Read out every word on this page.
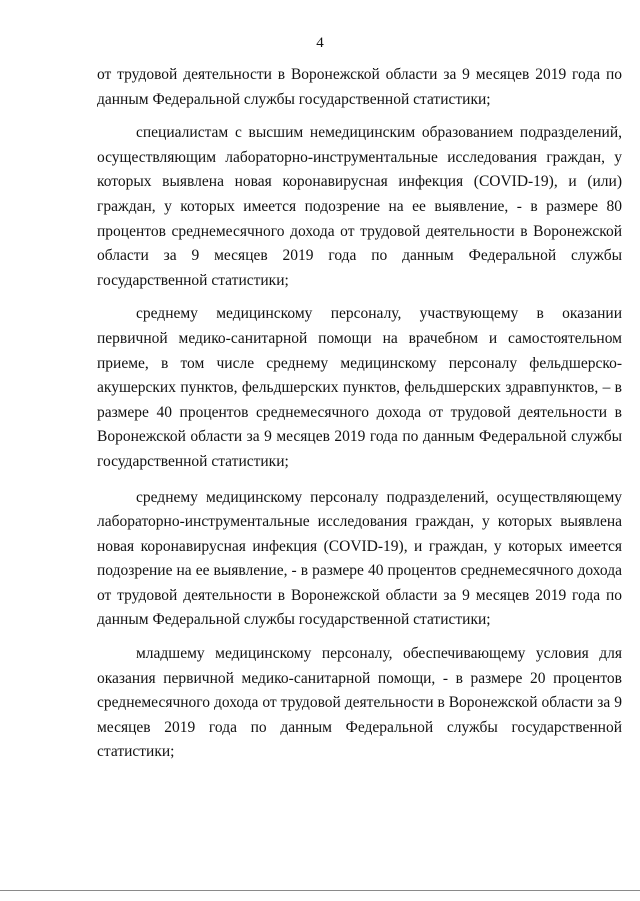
4

от трудовой деятельности в Воронежской области за 9 месяцев 2019 года по данным Федеральной службы государственной статистики;

специалистам с высшим немедицинским образованием подразделений, осуществляющим лабораторно-инструментальные исследования граждан, у которых выявлена новая коронавирусная инфекция (COVID-19), и (или) граждан, у которых имеется подозрение на ее выявление, - в размере 80 процентов среднемесячного дохода от трудовой деятельности в Воронежской области за 9 месяцев 2019 года по данным Федеральной службы государственной статистики;

среднему медицинскому персоналу, участвующему в оказании первичной медико-санитарной помощи на врачебном и самостоятельном приеме, в том числе среднему медицинскому персоналу фельдшерско-акушерских пунктов, фельдшерских пунктов, фельдшерских здравпунктов, – в размере 40 процентов среднемесячного дохода от трудовой деятельности в Воронежской области за 9 месяцев 2019 года по данным Федеральной службы государственной статистики;

среднему медицинскому персоналу подразделений, осуществляющему лабораторно-инструментальные исследования граждан, у которых выявлена новая коронавирусная инфекция (COVID-19), и граждан, у которых имеется подозрение на ее выявление, - в размере 40 процентов среднемесячного дохода от трудовой деятельности в Воронежской области за 9 месяцев 2019 года по данным Федеральной службы государственной статистики;

младшему медицинскому персоналу, обеспечивающему условия для оказания первичной медико-санитарной помощи, - в размере 20 процентов среднемесячного дохода от трудовой деятельности в Воронежской области за 9 месяцев 2019 года по данным Федеральной службы государственной статистики;
